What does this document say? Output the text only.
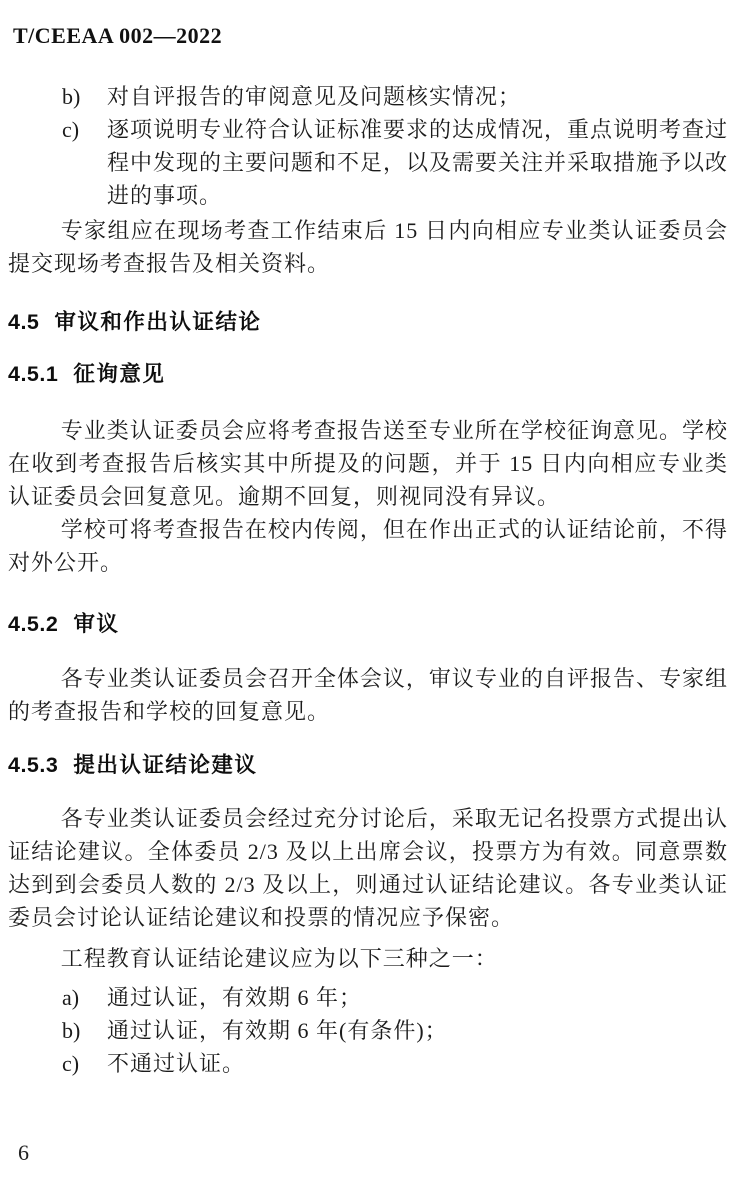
T/CEEAA 002—2022
b)	对自评报告的审阅意见及问题核实情况；
c)	逐项说明专业符合认证标准要求的达成情况，重点说明考查过程中发现的主要问题和不足，以及需要关注并采取措施予以改进的事项。

专家组应在现场考查工作结束后 15 日内向相应专业类认证委员会提交现场考查报告及相关资料。

4.5 审议和作出认证结论
4.5.1 征询意见

专业类认证委员会应将考查报告送至专业所在学校征询意见。学校在收到考查报告后核实其中所提及的问题，并于 15 日内向相应专业类认证委员会回复意见。逾期不回复，则视同没有异议。

学校可将考查报告在校内传阅，但在作出正式的认证结论前，不得对外公开。

4.5.2 审议

各专业类认证委员会召开全体会议，审议专业的自评报告、专家组的考查报告和学校的回复意见。

4.5.3 提出认证结论建议

各专业类认证委员会经过充分讨论后，采取无记名投票方式提出认证结论建议。全体委员 2/3 及以上出席会议，投票方为有效。同意票数达到到会委员人数的 2/3 及以上，则通过认证结论建议。各专业类认证委员会讨论认证结论建议和投票的情况应予保密。

工程教育认证结论建议应为以下三种之一：

a)	通过认证，有效期 6 年；
b)	通过认证，有效期 6 年(有条件)；
c)	不通过认证。
6
